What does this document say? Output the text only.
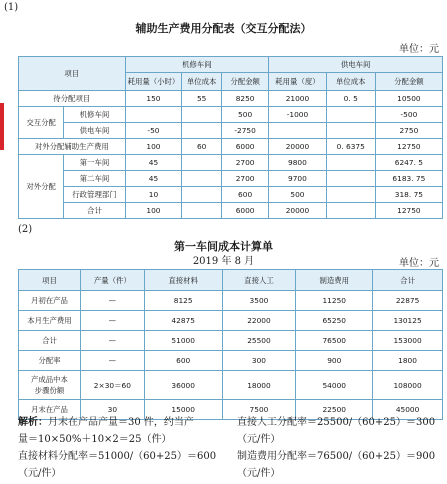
(1)
辅助生产费用分配表（交互分配法）
单位：元
项目		机修车间			供电车间		
		耗用量（小时）	单位成本	分配金额	耗用量（度）	单位成本	分配金额
待分配项目		150	55	8250	21000	0. 5	10500
交互分配	机修车间			500	-1000		-500
	供电车间	-50		-2750			2750
对外分配辅助生产费用		100	60	6000	20000	0. 6375	12750
对外分配	第一车间	45		2700	9800		6247. 5
	第二车间	45		2700	9700		6183. 75
	行政管理部门	10		600	500		318. 75
	合计	100		6000	20000		12750
(2)
第一车间成本计算单
2019 年 8 月	单位：元
项目	产量（件）	直接材料	直接人工	制造费用	合计
月初在产品	—	8125	3500	11250	22875
本月生产费用	—	42875	22000	65250	130125
合计	—	51000	25500	76500	153000
分配率	—	600	300	900	1800

产成品中本
步骤份额	2×30＝60	36000	18000	54000	108000
月末在产品	30	15000	7500	22500	45000
解析：月末在产品产量＝30 件，约当产
量＝10×50%＋10×2＝25（件）
直接材料分配率＝51000/（60+25）＝600
（元/件）
直接人工分配率＝25500/（60+25）＝300
（元/件）
制造费用分配率＝76500/（60+25）＝900
（元/件）
